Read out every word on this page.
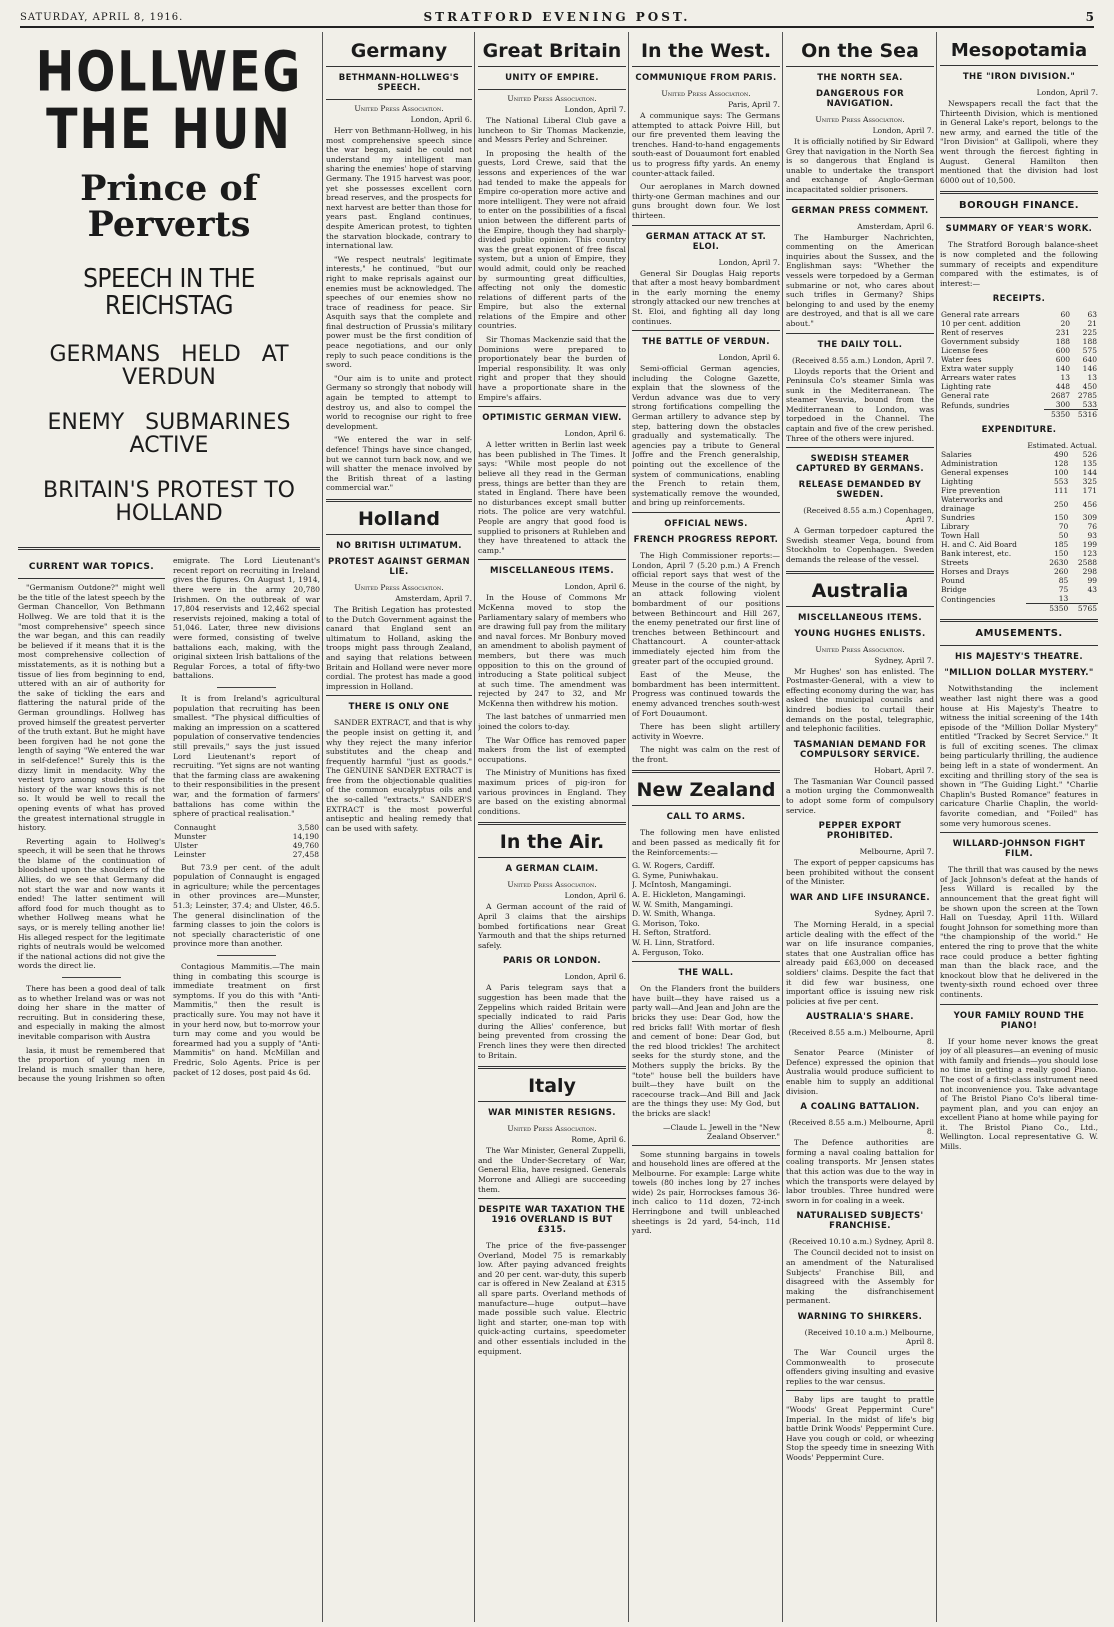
SATURDAY, APRIL 8, 1916.	STRATFORD EVENING POST.	5

HOLLWEG THE HUN

Prince of Perverts

SPEECH IN THE REICHSTAG

GERMANS HELD AT VERDUN

ENEMY SUBMARINES ACTIVE

BRITAIN'S PROTEST TO HOLLAND

CURRENT WAR TOPICS.

"Germanism Outdone?" might well be the title of the latest speech by the German Chancellor, Von Bethmann Hollweg. We are told that it is the "most comprehensive" speech since the war began, and this can readily be believed if it means that it is the most comprehensive collection of misstatements, as it is nothing but a tissue of lies from beginning to end, uttered with an air of authority for the sake of tickling the ears and flattering the natural pride of the German groundlings. Hollweg has proved himself the greatest perverter of the truth extant. But he might have been forgiven had he not gone the length of saying "We entered the war in self-defence!" Surely this is the dizzy limit in mendacity. Why the veriest tyro among students of the history of the war knows this is not so. It would be well to recall the opening events of what has proved the greatest international struggle in history.

Reverting again to Hollweg's speech, it will be seen that he throws the blame of the continuation of bloodshed upon the shoulders of the Allies, do we see that Germany did not start the war and now wants it ended! The latter sentiment will afford food for much thought as to whether Hollweg means what he says, or is merely telling another lie! His alleged respect for the legitimate rights of neutrals would be welcomed if the national actions did not give the words the direct lie.

There has been a good deal of talk as to whether Ireland was or was not doing her share in the matter of recruiting. But in considering these, and especially in making the almost inevitable comparison with Austra

lasia, it must be remembered that the proportion of young men in Ireland is much smaller than here, because the young Irishmen so often emigrate. The Lord Lieutenant's recent report on recruiting in Ireland gives the figures. On August 1, 1914, there were in the army 20,780 Irishmen. On the outbreak of war 17,804 reservists and 12,462 special reservists rejoined, making a total of 51,046. Later, three new divisions were formed, consisting of twelve battalions each, making, with the original sixteen Irish battalions of the Regular Forces, a total of fifty-two battalions.

It is from Ireland's agricultural population that recruiting has been smallest. "The physical difficulties of making an impression on a scattered population of conservative tendencies still prevails," says the just issued Lord Lieutenant's report of recruiting. "Yet signs are not wanting that the farming class are awakening to their responsibilities in the present war, and the formation of farmers' battalions has come within the sphere of practical realisation."

Connaught	3,580
Munster	14,190
Ulster	49,760
Leinster	27,458

But 73.9 per cent. of the adult population of Connaught is engaged in agriculture; while the percentages in other provinces are—Munster, 51.3; Leinster, 37.4; and Ulster, 46.5. The general disinclination of the farming classes to join the colors is not specially characteristic of one province more than another.

Contagious Mammitis.—The main thing in combating this scourge is immediate treatment on first symptoms. If you do this with "Anti-Mammitis," then the result is practically sure. You may not have it in your herd now, but to-morrow your turn may come and you would be forearmed had you a supply of "Anti-Mammitis" on hand. McMillan and Fredric, Solo Agents. Price is per packet of 12 doses, post paid 4s 6d.

Germany

BETHMANN-HOLLWEG'S SPEECH.

United Press Association.

London, April 6.

Herr von Bethmann-Hollweg, in his most comprehensive speech since the war began, said he could not understand my intelligent man sharing the enemies' hope of starving Germany. The 1915 harvest was poor, yet she possesses excellent corn bread reserves, and the prospects for next harvest are better than those for years past. England continues, despite American protest, to tighten the starvation blockade, contrary to international law.

"We respect neutrals' legitimate interests," he continued, "but our right to make reprisals against our enemies must be acknowledged. The speeches of our enemies show no trace of readiness for peace. Sir Asquith says that the complete and final destruction of Prussia's military power must be the first condition of peace negotiations, and our only reply to such peace conditions is the sword.

"Our aim is to unite and protect Germany so strongly that nobody will again be tempted to attempt to destroy us, and also to compel the world to recognise our right to free development.

"We entered the war in self-defence! Things have since changed, but we cannot turn back now, and we will shatter the menace involved by the British threat of a lasting commercial war."

Holland

NO BRITISH ULTIMATUM.

PROTEST AGAINST GERMAN LIE.

United Press Association.

Amsterdam, April 7.

The British Legation has protested to the Dutch Government against the canard that England sent an ultimatum to Holland, asking the troops might pass through Zealand, and saying that relations between Britain and Holland were never more cordial. The protest has made a good impression in Holland.

THERE IS ONLY ONE

SANDER EXTRACT, and that is why the people insist on getting it, and why they reject the many inferior substitutes and the cheap and frequently harmful "just as goods." The GENUINE SANDER EXTRACT is free from the objectionable qualities of the common eucalyptus oils and the so-called "extracts." SANDER'S EXTRACT is the most powerful antiseptic and healing remedy that can be used with safety.

Great Britain

UNITY OF EMPIRE.

United Press Association.

London, April 7.

The National Liberal Club gave a luncheon to Sir Thomas Mackenzie, and Messrs Perley and Schreiner.

In proposing the health of the guests, Lord Crewe, said that the lessons and experiences of the war had tended to make the appeals for Empire co-operation more active and more intelligent. They were not afraid to enter on the possibilities of a fiscal union between the different parts of the Empire, though they had sharply-divided public opinion. This country was the great exponent of free fiscal system, but a union of Empire, they would admit, could only be reached by surmounting great difficulties, affecting not only the domestic relations of different parts of the Empire, but also the external relations of the Empire and other countries.

Sir Thomas Mackenzie said that the Dominions were prepared to proportionately bear the burden of Imperial responsibility. It was only right and proper that they should have a proportionate share in the Empire's affairs.

OPTIMISTIC GERMAN VIEW.

London, April 6.

A letter written in Berlin last week has been published in The Times. It says: "While most people do not believe all they read in the German press, things are better than they are stated in England. There have been no disturbances except small butter riots. The police are very watchful. People are angry that good food is supplied to prisoners at Ruhleben and they have threatened to attack the camp."

MISCELLANEOUS ITEMS.

London, April 6.

In the House of Commons Mr McKenna moved to stop the Parliamentary salary of members who are drawing full pay from the military and naval forces. Mr Bonbury moved an amendment to abolish payment of members, but there was much opposition to this on the ground of introducing a State political subject at such time. The amendment was rejected by 247 to 32, and Mr McKenna then withdrew his motion.

The last batches of unmarried men joined the colors to-day.

The War Office has removed paper makers from the list of exempted occupations.

The Ministry of Munitions has fixed maximum prices of pig-iron for various provinces in England. They are based on the existing abnormal conditions.

In the Air.

A GERMAN CLAIM.

United Press Association.

London, April 6.

A German account of the raid of April 3 claims that the airships bombed fortifications near Great Yarmouth and that the ships returned safely.

PARIS OR LONDON.

London, April 6.

A Paris telegram says that a suggestion has been made that the Zeppelins which raided Britain were specially indicated to raid Paris during the Allies' conference, but being prevented from crossing the French lines they were then directed to Britain.

Italy

WAR MINISTER RESIGNS.

United Press Association.

Rome, April 6.

The War Minister, General Zuppelli, and the Under-Secretary of War, General Elia, have resigned. Generals Morrone and Alliegi are succeeding them.

DESPITE WAR TAXATION THE 1916 OVERLAND IS BUT £315.

The price of the five-passenger Overland, Model 75 is remarkably low. After paying advanced freights and 20 per cent. war-duty, this superb car is offered in New Zealand at £315 all spare parts. Overland methods of manufacture—huge output—have made possible such value. Electric light and starter, one-man top with quick-acting curtains, speedometer and other essentials included in the equipment.

In the West.

COMMUNIQUE FROM PARIS.

United Press Association.

Paris, April 7.

A communique says: The Germans attempted to attack Poivre Hill, but our fire prevented them leaving the trenches. Hand-to-hand engagements south-east of Douaumont fort enabled us to progress fifty yards. An enemy counter-attack failed.

Our aeroplanes in March downed thirty-one German machines and our guns brought down four. We lost thirteen.

GERMAN ATTACK AT ST. ELOI.

London, April 7.

General Sir Douglas Haig reports that after a most heavy bombardment in the early morning the enemy strongly attacked our new trenches at St. Eloi, and fighting all day long continues.

THE BATTLE OF VERDUN.

London, April 6.

Semi-official German agencies, including the Cologne Gazette, explain that the slowness of the Verdun advance was due to very strong fortifications compelling the German artillery to advance step by step, battering down the obstacles gradually and systematically. The agencies pay a tribute to General Joffre and the French generalship, pointing out the excellence of the system of communications, enabling the French to retain them, systematically remove the wounded, and bring up reinforcements.

OFFICIAL NEWS.

FRENCH PROGRESS REPORT.

The High Commissioner reports:— London, April 7 (5.20 p.m.) A French official report says that west of the Meuse in the course of the night, by an attack following violent bombardment of our positions between Bethincourt and Hill 267, the enemy penetrated our first line of trenches between Bethincourt and Chattancourt. A counter-attack immediately ejected him from the greater part of the occupied ground.

East of the Meuse, the bombardment has been intermittent. Progress was continued towards the enemy advanced trenches south-west of Fort Douaumont.

There has been slight artillery activity in Woevre.

The night was calm on the rest of the front.

New Zealand

CALL TO ARMS.

The following men have enlisted and been passed as medically fit for the Reinforcements:—

G. W. Rogers, Cardiff.

G. Syme, Puniwhakau.

J. McIntosh, Mangamingi.

A. E. Hickleton, Mangamingi.

W. W. Smith, Mangamingi.

D. W. Smith, Whanga.

G. Morison, Toko.

H. Sefton, Stratford.

W. H. Linn, Stratford.

A. Ferguson, Toko.

THE WALL.

On the Flanders front the builders have built—they have raised us a party wall—And Jean and John are the bricks they use: Dear God, how the red bricks fall! With mortar of flesh and cement of bone: Dear God, but the red blood trickles! The architect seeks for the sturdy stone, and the Mothers supply the bricks. By the "tote" house bell the builders have built—they have built on the racecourse track—And Bill and Jack are the things they use: My God, but the bricks are slack!

—Claude L. Jewell in the "New Zealand Observer."

Some stunning bargains in towels and household lines are offered at the Melbourne. For example: Large white towels (80 inches long by 27 inches wide) 2s pair, Horrockses famous 36-inch calico to 11d dozen, 72-inch Herringbone and twill unbleached sheetings is 2d yard, 54-inch, 11d yard.

On the Sea

THE NORTH SEA.

DANGEROUS FOR NAVIGATION.

United Press Association.

London, April 7.

It is officially notified by Sir Edward Grey that navigation in the North Sea is so dangerous that England is unable to undertake the transport and exchange of Anglo-German incapacitated soldier prisoners.

GERMAN PRESS COMMENT.

Amsterdam, April 6.

The Hamburger Nachrichten, commenting on the American inquiries about the Sussex, and the Englishman says: "Whether the vessels were torpedoed by a German submarine or not, who cares about such trifles in Germany? Ships belonging to and used by the enemy are destroyed, and that is all we care about."

THE DAILY TOLL.

(Received 8.55 a.m.) London, April 7.

Lloyds reports that the Orient and Peninsula Co's steamer Simla was sunk in the Mediterranean. The steamer Vesuvia, bound from the Mediterranean to London, was torpedoed in the Channel. The captain and five of the crew perished. Three of the others were injured.

SWEDISH STEAMER CAPTURED BY GERMANS.

RELEASE DEMANDED BY SWEDEN.

(Received 8.55 a.m.) Copenhagen, April 7.

A German torpedoer captured the Swedish steamer Vega, bound from Stockholm to Copenhagen. Sweden demands the release of the vessel.

Australia

MISCELLANEOUS ITEMS.

YOUNG HUGHES ENLISTS.

United Press Association.

Sydney, April 7.

Mr Hughes' son has enlisted. The Postmaster-General, with a view to effecting economy during the war, has asked the municipal councils and kindred bodies to curtail their demands on the postal, telegraphic, and telephonic facilities.

TASMANIAN DEMAND FOR COMPULSORY SERVICE.

Hobart, April 7.

The Tasmanian War Council passed a motion urging the Commonwealth to adopt some form of compulsory service.

PEPPER EXPORT PROHIBITED.

Melbourne, April 7.

The export of pepper capsicums has been prohibited without the consent of the Minister.

WAR AND LIFE INSURANCE.

Sydney, April 7.

The Morning Herald, in a special article dealing with the effect of the war on life insurance companies, states that one Australian office has already paid £63,000 on deceased soldiers' claims. Despite the fact that it did few war business, one important office is issuing new risk policies at five per cent.

AUSTRALIA'S SHARE.

(Received 8.55 a.m.) Melbourne, April 8.

Senator Pearce (Minister of Defence) expressed the opinion that Australia would produce sufficient to enable him to supply an additional division.

A COALING BATTALION.

(Received 8.55 a.m.) Melbourne, April 8.

The Defence authorities are forming a naval coaling battalion for coaling transports. Mr Jensen states that this action was due to the way in which the transports were delayed by labor troubles. Three hundred were sworn in for coaling in a week.

NATURALISED SUBJECTS' FRANCHISE.

(Received 10.10 a.m.) Sydney, April 8.

The Council decided not to insist on an amendment of the Naturalised Subjects' Franchise Bill, and disagreed with the Assembly for making the disfranchisement permanent.

WARNING TO SHIRKERS.

(Received 10.10 a.m.) Melbourne, April 8.

The War Council urges the Commonwealth to prosecute offenders giving insulting and evasive replies to the war census.

Baby lips are taught to prattle "Woods' Great Peppermint Cure" Imperial. In the midst of life's big battle Drink Woods' Peppermint Cure. Have you cough or cold, or wheezing Stop the speedy time in sneezing With Woods' Peppermint Cure.

Mesopotamia

THE "IRON DIVISION."

London, April 7.

Newspapers recall the fact that the Thirteenth Division, which is mentioned in General Lake's report, belongs to the new army, and earned the title of the "Iron Division" at Gallipoli, where they went through the fiercest fighting in August. General Hamilton then mentioned that the division had lost 6000 out of 10,500.

BOROUGH FINANCE.

SUMMARY OF YEAR'S WORK.

The Stratford Borough balance-sheet is now completed and the following summary of receipts and expenditure compared with the estimates, is of interest:—

RECEIPTS.

General rate arrears	60	63
10 per cent. addition	20	21
Rent of reserves	231	225
Government subsidy	188	188
License fees	600	575
Water fees	600	640
Extra water supply	140	146
Arrears water rates	13	13
Lighting rate	448	450
General rate	2687	2785
Refunds, sundries	300	533
	5350	5316

EXPENDITURE.

	Estimated.	Actual.
Salaries	490	526
Administration	128	135
General expenses	100	144
Lighting	553	325
Fire prevention	111	171
Waterworks and drainage	250	456
Sundries	150	309
Library	70	76
Town Hall	50	93
H. and C. Aid Board	185	199
Bank interest, etc.	150	123
Streets	2630	2588
Horses and Drays	260	298
Pound	85	99
Bridge	75	43
Contingencies	13	
	5350	5765

AMUSEMENTS.

HIS MAJESTY'S THEATRE.

"MILLION DOLLAR MYSTERY."

Notwithstanding the inclement weather last night there was a good house at His Majesty's Theatre to witness the initial screening of the 14th episode of the "Million Dollar Mystery" entitled "Tracked by Secret Service." It is full of exciting scenes. The climax being particularly thrilling, the audience being left in a state of wonderment. An exciting and thrilling story of the sea is shown in "The Guiding Light." "Charlie Chaplin's Busted Romance" features in caricature Charlie Chaplin, the world-favorite comedian, and "Foiled" has some very humorous scenes.

WILLARD-JOHNSON FIGHT FILM.

The thrill that was caused by the news of Jack Johnson's defeat at the hands of Jess Willard is recalled by the announcement that the great fight will be shown upon the screen at the Town Hall on Tuesday, April 11th. Willard fought Johnson for something more than "the championship of the world." He entered the ring to prove that the white race could produce a better fighting man than the black race, and the knockout blow that he delivered in the twenty-sixth round echoed over three continents.

YOUR FAMILY ROUND THE PIANO!

If your home never knows the great joy of all pleasures—an evening of music with family and friends—you should lose no time in getting a really good Piano. The cost of a first-class instrument need not inconvenience you. Take advantage of The Bristol Piano Co's liberal time-payment plan, and you can enjoy an excellent Piano at home while paying for it. The Bristol Piano Co., Ltd., Wellington. Local representative G. W. Mills.
